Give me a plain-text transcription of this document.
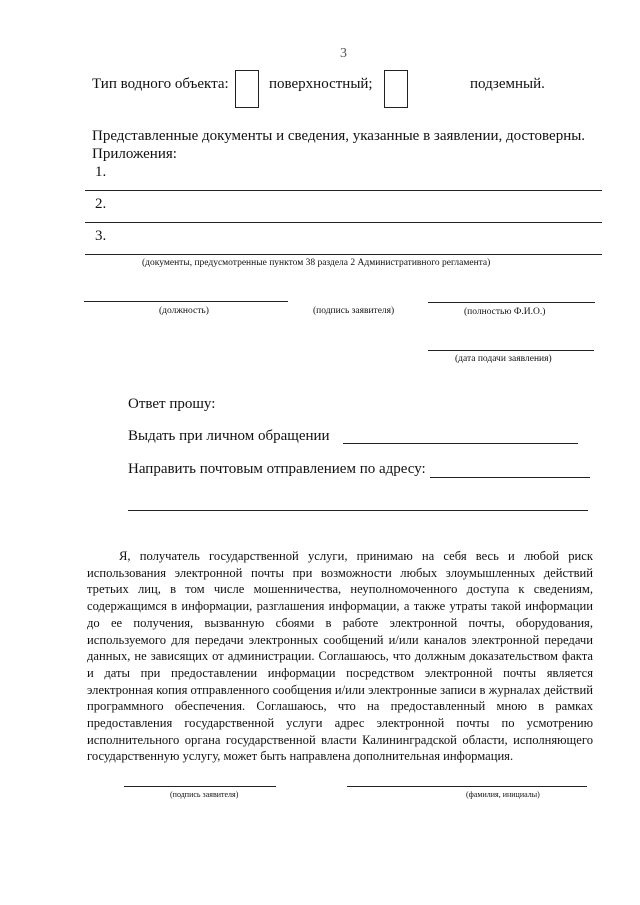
3
Тип водного объекта:	поверхностный;	подземный.
Представленные документы и сведения, указанные в заявлении, достоверны.
Приложения:
1.
2.
3.
(документы, предусмотренные пунктом 38 раздела 2 Административного регламента)
(должность)	(подпись заявителя)	(полностью Ф.И.О.)
(дата подачи заявления)
Ответ прошу:
Выдать при личном обращении
Направить почтовым отправлением по адресу:
Я, получатель государственной услуги, принимаю на себя весь и любой риск использования электронной почты при возможности любых злоумышленных действий третьих лиц, в том числе мошенничества, неуполномоченного доступа к сведениям, содержащимся в информации, разглашения информации, а также утраты такой информации до ее получения, вызванную сбоями в работе электронной почты, оборудования, используемого для передачи электронных сообщений и/или каналов электронной передачи данных, не зависящих от администрации. Соглашаюсь, что должным доказательством факта и даты при предоставлении информации посредством электронной почты является электронная копия отправленного сообщения и/или электронные записи в журналах действий программного обеспечения. Соглашаюсь, что на предоставленный мною в рамках предоставления государственной услуги адрес электронной почты по усмотрению исполнительного органа государственной власти Калининградской области, исполняющего государственную услугу, может быть направлена дополнительная информация.
(подпись заявителя)	(фамилия, инициалы)
